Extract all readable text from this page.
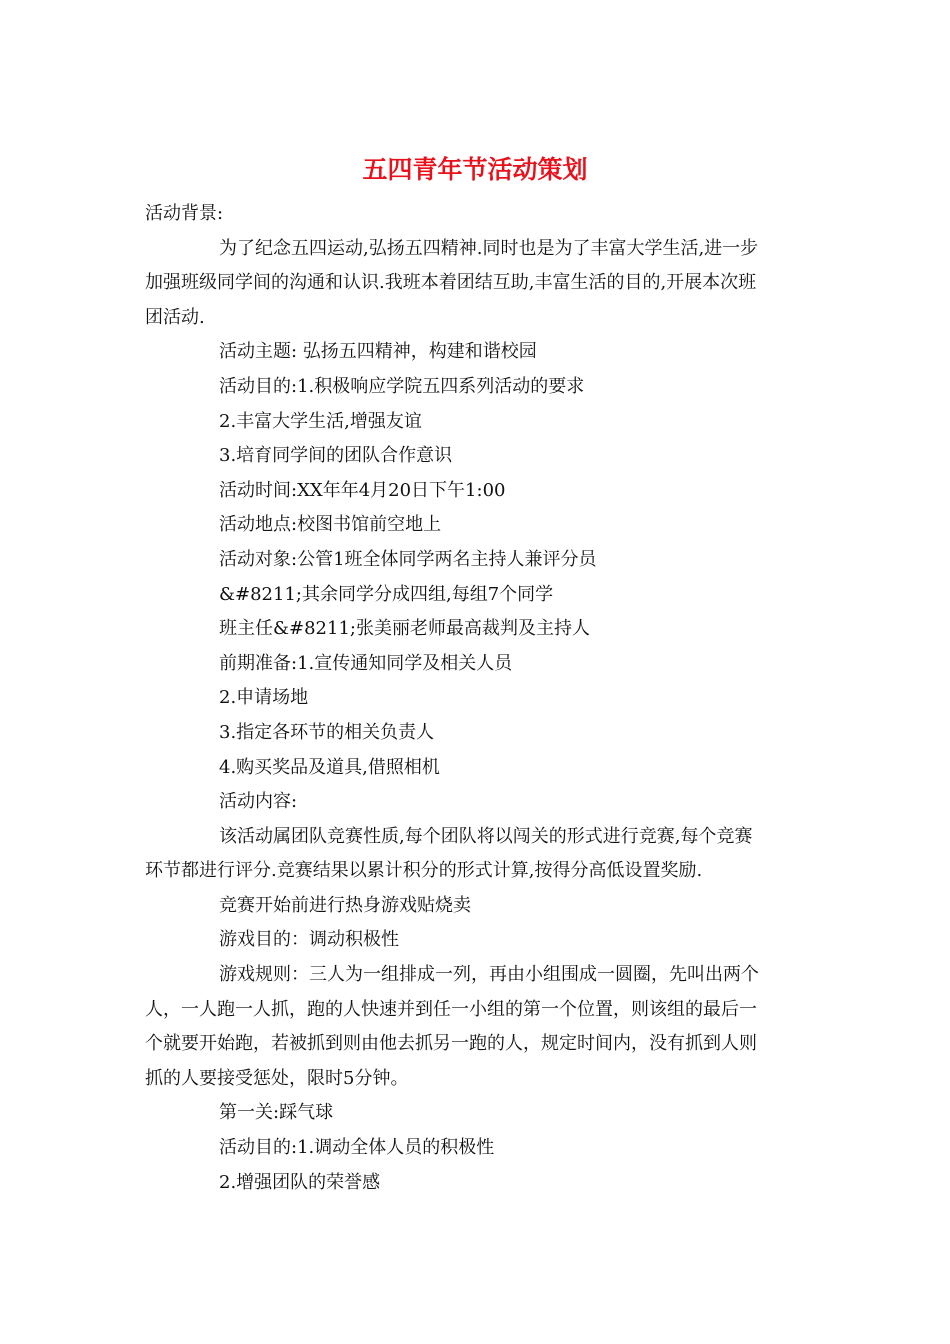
五四青年节活动策划

活动背景:

为了纪念五四运动,弘扬五四精神.同时也是为了丰富大学生活,进一步
加强班级同学间的沟通和认识.我班本着团结互助,丰富生活的目的,开展本次班
团活动.

活动主题: 弘扬五四精神，构建和谐校园

活动目的:1.积极响应学院五四系列活动的要求

2.丰富大学生活,增强友谊

3.培育同学间的团队合作意识

活动时间:XX年年4月20日下午1:00

活动地点:校图书馆前空地上

活动对象:公管1班全体同学两名主持人兼评分员

&#8211;其余同学分成四组,每组7个同学

班主任&#8211;张美丽老师最高裁判及主持人

前期准备:1.宣传通知同学及相关人员

2.申请场地

3.指定各环节的相关负责人

4.购买奖品及道具,借照相机

活动内容:

该活动属团队竞赛性质,每个团队将以闯关的形式进行竞赛,每个竞赛
环节都进行评分.竞赛结果以累计积分的形式计算,按得分高低设置奖励.

竞赛开始前进行热身游戏贴烧卖

游戏目的：调动积极性

游戏规则：三人为一组排成一列，再由小组围成一圆圈，先叫出两个
人，一人跑一人抓，跑的人快速并到任一小组的第一个位置，则该组的最后一
个就要开始跑，若被抓到则由他去抓另一跑的人，规定时间内，没有抓到人则
抓的人要接受惩处，限时5分钟。

第一关:踩气球

活动目的:1.调动全体人员的积极性

2.增强团队的荣誉感
